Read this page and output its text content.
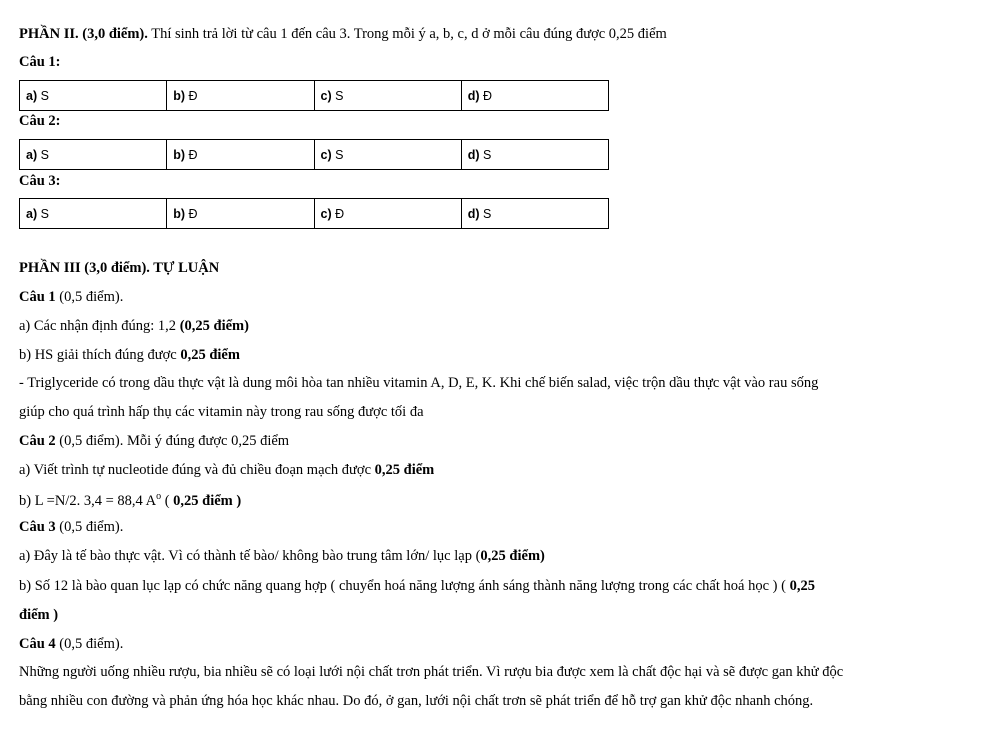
PHẦN II. (3,0 điểm). Thí sinh trả lời từ câu 1 đến câu 3. Trong mỗi ý a, b, c, d ở mỗi câu đúng được 0,25 điểm
Câu 1:
a) S	b) Đ	c) S	d) Đ
Câu 2:
a) S	b) Đ	c) S	d) S
Câu 3:
a) S	b) Đ	c) Đ	d) S
PHẦN III (3,0 điểm). TỰ LUẬN
Câu 1 (0,5 điểm).
a) Các nhận định đúng: 1,2 (0,25 điểm)
b) HS giải thích đúng được 0,25 điểm
- Triglyceride có trong dầu thực vật là dung môi hòa tan nhiều vitamin A, D, E, K. Khi chế biến salad, việc trộn dầu thực vật vào rau sống
giúp cho quá trình hấp thụ các vitamin này trong rau sống được tối đa
Câu 2 (0,5 điểm). Mỗi ý đúng được 0,25 điểm
a) Viết trình tự nucleotide đúng và đủ chiều đoạn mạch được 0,25 điểm
b) L =N/2. 3,4 = 88,4 $A^o$ ( 0,25 điểm )
Câu 3 (0,5 điểm).
a) Đây là tế bào thực vật. Vì có thành tế bào/ không bào trung tâm lớn/ lục lạp (0,25 điểm)
b) Số 12 là bào quan lục lạp có chức năng quang hợp ( chuyển hoá năng lượng ánh sáng thành năng lượng trong các chất hoá học ) ( 0,25
điểm )
Câu 4 (0,5 điểm).
Những người uống nhiều rượu, bia nhiều sẽ có loại lưới nội chất trơn phát triển. Vì rượu bia được xem là chất độc hại và sẽ được gan khử độc
bằng nhiều con đường và phản ứng hóa học khác nhau. Do đó, ở gan, lưới nội chất trơn sẽ phát triển để hỗ trợ gan khử độc nhanh chóng.
